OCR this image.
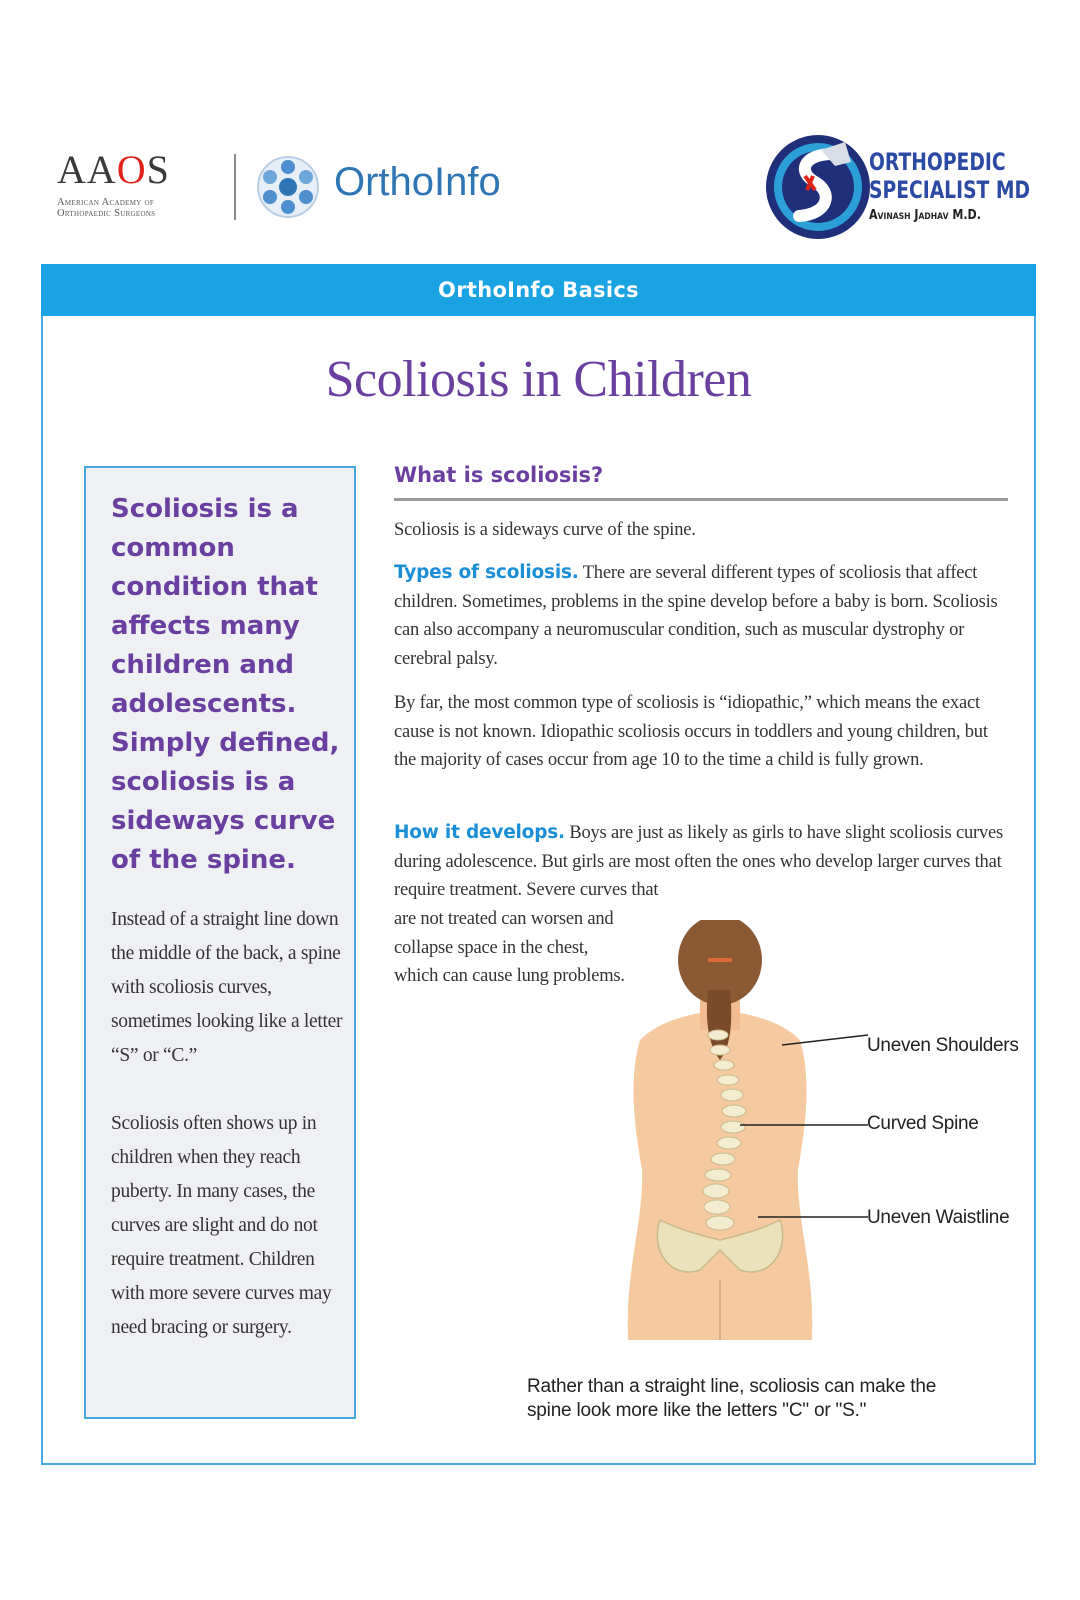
AAOS
American Academy of
Orthopaedic Surgeons
OrthoInfo	ORTHOPEDIC
SPECIALIST MD
Avinash Jadhav M.D.
OrthoInfo Basics
Scoliosis in Children
Scoliosis is a common condition that affects many children and adolescents. Simply defined, scoliosis is a sideways curve of the spine.
Instead of a straight line down the middle of the back, a spine with scoliosis curves, sometimes looking like a letter “S” or “C.”
Scoliosis often shows up in children when they reach puberty. In many cases, the curves are slight and do not require treatment. Children with more severe curves may need bracing or surgery.
What is scoliosis?
Scoliosis is a sideways curve of the spine.
Types of scoliosis. There are several different types of scoliosis that affect children. Sometimes, problems in the spine develop before a baby is born. Scoliosis can also accompany a neuromuscular condition, such as muscular dystrophy or cerebral palsy.
By far, the most common type of scoliosis is “idiopathic,” which means the exact cause is not known. Idiopathic scoliosis occurs in toddlers and young children, but the majority of cases occur from age 10 to the time a child is fully grown.
How it develops. Boys are just as likely as girls to have slight scoliosis curves during adolescence. But girls are most often the ones who develop larger curves that require treatment. Severe curves that
are not treated can worsen and collapse space in the chest, which can cause lung problems.
Uneven Shoulders
Curved Spine
Uneven Waistline
Rather than a straight line, scoliosis can make the spine look more like the letters "C" or "S."
